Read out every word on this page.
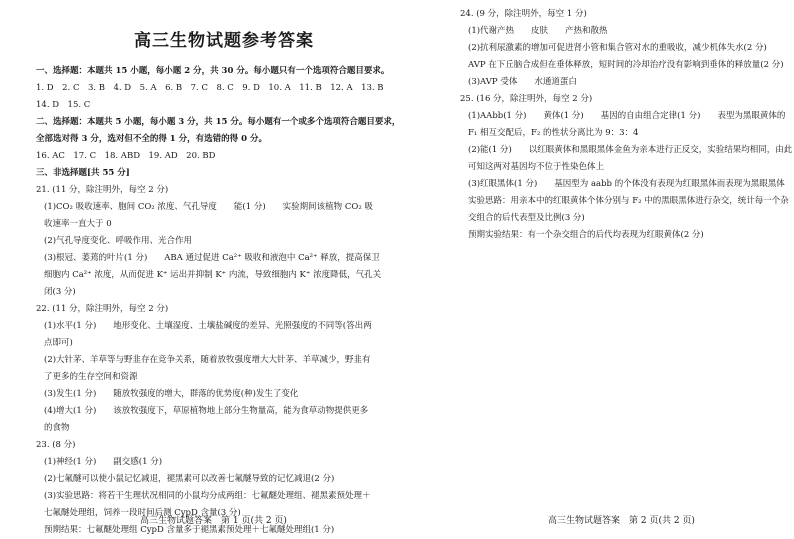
高三生物试题参考答案
一、选择题：本题共 15 小题，每小题 2 分，共 30 分。每小题只有一个选项符合题目要求。
1. D　2. C　3. B　4. D　5. A　6. B　7. C　8. C　9. D　10. A　11. B　12. A　13. B
14. D　15. C
二、选择题：本题共 5 小题，每小题 3 分，共 15 分。每小题有一个或多个选项符合题目要求，
全部选对得 3 分，选对但不全的得 1 分，有选错的得 0 分。
16. AC　17. C　18. ABD　19. AD　20. BD
三、非选择题[共 55 分]
21. (11 分，除注明外，每空 2 分)
(1)CO₂ 吸收速率、胞间 CO₂ 浓度、气孔导度　　能(1 分)　　实验期间该植物 CO₂ 吸
收速率一直大于 0
(2)气孔导度变化、呼吸作用、光合作用
(3)根冠、萎蔫的叶片(1 分)　　ABA 通过促进 Ca²⁺ 吸收和液泡中 Ca²⁺ 释放，提高保卫
细胞内 Ca²⁺ 浓度，从而促进 K⁺ 运出并抑制 K⁺ 内流，导致细胞内 K⁺ 浓度降低，气孔关
闭(3 分)
22. (11 分，除注明外，每空 2 分)
(1)水平(1 分)　　地形变化、土壤湿度、土壤盐碱度的差异、光照强度的不同等(答出两
点即可)
(2)大针茅、羊草等与野韭存在竞争关系，随着放牧强度增大大针茅、羊草减少，野韭有
了更多的生存空间和资源
(3)发生(1 分)　　随放牧强度的增大，群落的优势度(种)发生了变化
(4)增大(1 分)　　该放牧强度下，草原植物地上部分生物量高，能为食草动物提供更多
的食物
23. (8 分)
(1)神经(1 分)　　副交感(1 分)
(2)七氟醚可以使小鼠记忆减退，褪黑素可以改善七氟醚导致的记忆减退(2 分)
(3)实验思路：将若干生理状况相同的小鼠均分成两组：七氟醚处理组、褪黑素预处理＋
七氟醚处理组，饲养一段时间后测 CypD 含量(3 分)
预期结果：七氟醚处理组 CypD 含量多于褪黑素预处理＋七氟醚处理组(1 分)
24. (9 分，除注明外，每空 1 分)
(1)代谢产热　　皮肤　　产热和散热
(2)抗利尿激素的增加可促进肾小管和集合管对水的重吸收，减少机体失水(2 分)
AVP 在下丘脑合成但在垂体释放，短时间的冷却治疗没有影响到垂体的释放量(2 分)
(3)AVP 受体　　水通道蛋白
25. (16 分，除注明外，每空 2 分)
(1)AAbb(1 分)　　黄体(1 分)　　基因的自由组合定律(1 分)　　表型为黑眼黄体的
F₁ 相互交配后，F₂ 的性状分离比为 9：3：4
(2)能(1 分)　　以红眼黄体和黑眼黑体金鱼为亲本进行正反交，实验结果均相同，由此
可知这两对基因均不位于性染色体上
(3)红眼黑体(1 分)　　基因型为 aabb 的个体没有表现为红眼黑体而表现为黑眼黑体
实验思路：用亲本中的红眼黄体个体分别与 F₂ 中的黑眼黑体进行杂交，统计每一个杂
交组合的后代表型及比例(3 分)
预期实验结果：有一个杂交组合的后代均表现为红眼黄体(2 分)
高三生物试题答案　第 1 页(共 2 页)	高三生物试题答案　第 2 页(共 2 页)
